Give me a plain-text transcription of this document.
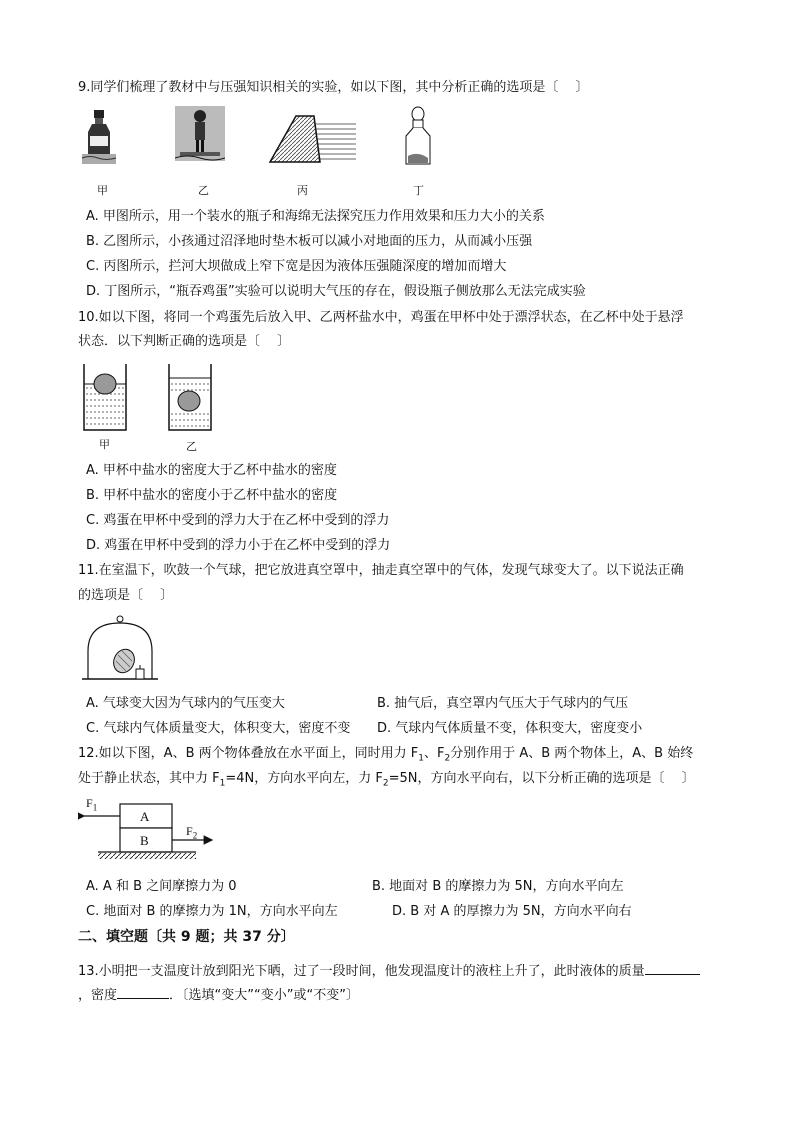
9.同学们梳理了教材中与压强知识相关的实验，如以下图，其中分析正确的选项是〔　 〕
甲	乙	丙	丁
A. 甲图所示，用一个装水的瓶子和海绵无法探究压力作用效果和压力大小的关系
B. 乙图所示，小孩通过沼泽地时垫木板可以减小对地面的压力，从而减小压强
C. 丙图所示，拦河大坝做成上窄下宽是因为液体压强随深度的增加而增大
D. 丁图所示，“瓶吞鸡蛋”实验可以说明大气压的存在，假设瓶子侧放那么无法完成实验
10.如以下图，将同一个鸡蛋先后放入甲、乙两杯盐水中，鸡蛋在甲杯中处于漂浮状态，在乙杯中处于悬浮
状态．以下判断正确的选项是〔　 〕
甲	乙
A. 甲杯中盐水的密度大于乙杯中盐水的密度
B. 甲杯中盐水的密度小于乙杯中盐水的密度
C. 鸡蛋在甲杯中受到的浮力大于在乙杯中受到的浮力
D. 鸡蛋在甲杯中受到的浮力小于在乙杯中受到的浮力
11.在室温下，吹鼓一个气球，把它放进真空罩中，抽走真空罩中的气体，发现气球变大了。以下说法正确
的选项是〔　 〕
A. 气球变大因为气球内的气压变大	B. 抽气后，真空罩内气压大于气球内的气压
C. 气球内气体质量变大，体积变大，密度不变 D. 气球内气体质量不变，体积变大，密度变小
12.如以下图，A、B 两个物体叠放在水平面上，同时用力 $F_1$、$F_2$分别作用于 A、B 两个物体上，A、B 始终
处于静止状态，其中力 $F_1=4N$，方向水平向左，力 $F_2=5N$，方向水平向右，以下分析正确的选项是〔　 〕
A
B
$F_1$
$F_2$
A. A 和 B 之间摩擦力为 0	B. 地面对 B 的摩擦力为 5N，方向水平向左
C. 地面对 B 的摩擦力为 1N，方向水平向左	D. B 对 A 的厚擦力为 5N，方向水平向右
二、填空题〔共 9 题；共 37 分〕
13.小明把一支温度计放到阳光下晒，过了一段时间，他发现温度计的液柱上升了，此时液体的质量
，密度	．〔选填“变大”“变小”或“不变”〕
